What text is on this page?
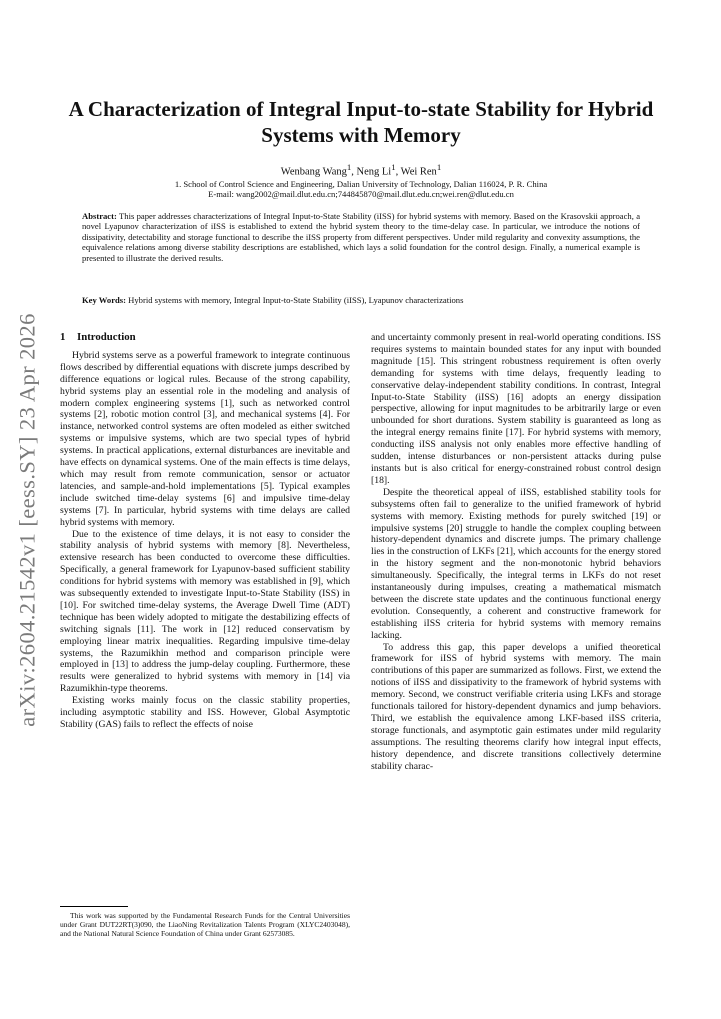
arXiv:2604.21542v1 [eess.SY] 23 Apr 2026
A Characterization of Integral Input-to-state Stability for Hybrid Systems with Memory
Wenbang Wang$^1$, Neng Li$^1$, Wei Ren$^1$
1. School of Control Science and Engineering, Dalian University of Technology, Dalian 116024, P. R. China
E-mail: wang2002@mail.dlut.edu.cn;744845870@mail.dlut.edu.cn;wei.ren@dlut.edu.cn
Abstract: This paper addresses characterizations of Integral Input-to-State Stability (iISS) for hybrid systems with memory. Based on the Krasovskii approach, a novel Lyapunov characterization of iISS is established to extend the hybrid system theory to the time-delay case. In particular, we introduce the notions of dissipativity, detectability and storage functional to describe the iISS property from different perspectives. Under mild regularity and convexity assumptions, the equivalence relations among diverse stability descriptions are established, which lays a solid foundation for the control design. Finally, a numerical example is presented to illustrate the derived results.
Key Words: Hybrid systems with memory, Integral Input-to-State Stability (iISS), Lyapunov characterizations
1 Introduction

Hybrid systems serve as a powerful framework to integrate continuous flows described by differential equations with discrete jumps described by difference equations or logical rules. Because of the strong capability, hybrid systems play an essential role in the modeling and analysis of modern complex engineering systems [1], such as networked control systems [2], robotic motion control [3], and mechanical systems [4]. For instance, networked control systems are often modeled as either switched systems or impulsive systems, which are two special types of hybrid systems. In practical applications, external disturbances are inevitable and have effects on dynamical systems. One of the main effects is time delays, which may result from remote communication, sensor or actuator latencies, and sample-and-hold implementations [5]. Typical examples include switched time-delay systems [6] and impulsive time-delay systems [7]. In particular, hybrid systems with time delays are called hybrid systems with memory.

Due to the existence of time delays, it is not easy to consider the stability analysis of hybrid systems with memory [8]. Nevertheless, extensive research has been conducted to overcome these difficulties. Specifically, a general framework for Lyapunov-based sufficient stability conditions for hybrid systems with memory was established in [9], which was subsequently extended to investigate Input-to-State Stability (ISS) in [10]. For switched time-delay systems, the Average Dwell Time (ADT) technique has been widely adopted to mitigate the destabilizing effects of switching signals [11]. The work in [12] reduced conservatism by employing linear matrix inequalities. Regarding impulsive time-delay systems, the Razumikhin method and comparison principle were employed in [13] to address the jump-delay coupling. Furthermore, these results were generalized to hybrid systems with memory in [14] via Razumikhin-type theorems.

Existing works mainly focus on the classic stability properties, including asymptotic stability and ISS. However, Global Asymptotic Stability (GAS) fails to reflect the effects of noise

and uncertainty commonly present in real-world operating conditions. ISS requires systems to maintain bounded states for any input with bounded magnitude [15]. This stringent robustness requirement is often overly demanding for systems with time delays, frequently leading to conservative delay-independent stability conditions. In contrast, Integral Input-to-State Stability (iISS) [16] adopts an energy dissipation perspective, allowing for input magnitudes to be arbitrarily large or even unbounded for short durations. System stability is guaranteed as long as the integral energy remains finite [17]. For hybrid systems with memory, conducting iISS analysis not only enables more effective handling of sudden, intense disturbances or non-persistent attacks during pulse instants but is also critical for energy-constrained robust control design [18].

Despite the theoretical appeal of iISS, established stability tools for subsystems often fail to generalize to the unified framework of hybrid systems with memory. Existing methods for purely switched [19] or impulsive systems [20] struggle to handle the complex coupling between history-dependent dynamics and discrete jumps. The primary challenge lies in the construction of LKFs [21], which accounts for the energy stored in the history segment and the non-monotonic hybrid behaviors simultaneously. Specifically, the integral terms in LKFs do not reset instantaneously during impulses, creating a mathematical mismatch between the discrete state updates and the continuous functional energy evolution. Consequently, a coherent and constructive framework for establishing iISS criteria for hybrid systems with memory remains lacking.

To address this gap, this paper develops a unified theoretical framework for iISS of hybrid systems with memory. The main contributions of this paper are summarized as follows. First, we extend the notions of iISS and dissipativity to the framework of hybrid systems with memory. Second, we construct verifiable criteria using LKFs and storage functionals tailored for history-dependent dynamics and jump behaviors. Third, we establish the equivalence among LKF-based iISS criteria, storage functionals, and asymptotic gain estimates under mild regularity assumptions. The resulting theorems clarify how integral input effects, history dependence, and discrete transitions collectively determine stability charac-

This work was supported by the Fundamental Research Funds for the Central Universities under Grant DUT22RT(3)090, the LiaoNing Revitalization Talents Program (XLYC2403048), and the National Natural Science Foundation of China under Grant 62573085.
